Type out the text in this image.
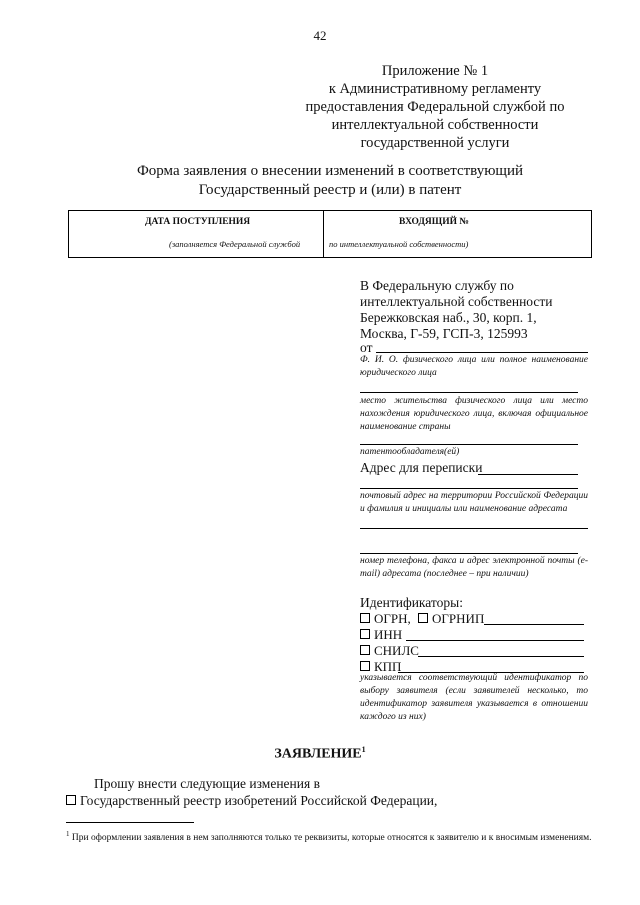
42
Приложение № 1
к Административному регламенту
предоставления Федеральной службой по
интеллектуальной собственности
государственной услуги
Форма заявления о внесении изменений в соответствующий
Государственный реестр и (или) в патент
ДАТА ПОСТУПЛЕНИЯ	ВХОДЯЩИЙ №
(заполняется Федеральной службой	по интеллектуальной собственности)
В Федеральную службу по
интеллектуальной собственности
Бережковская наб., 30, корп. 1,
Москва, Г-59, ГСП-3, 125993
от
Ф. И. О. физического лица или полное наименование юридического лица
место жительства физического лица или место нахождения юридического лица, включая официальное наименование страны
патентообладателя(ей)
Адрес для переписки
почтовый адрес на территории Российской Федерации и фамилия и инициалы или наименование адресата
номер телефона, факса и адрес электронной почты (e-mail) адресата (последнее – при наличии)
Идентификаторы:
ОГРН, ОГРНИП
ИНН
СНИЛС
КПП
указывается соответствующий идентификатор по выбору заявителя (если заявителей несколько, то идентификатор заявителя указывается в отношении каждого из них)
ЗАЯВЛЕНИЕ$^1$
Прошу внести следующие изменения в
Государственный реестр изобретений Российской Федерации,
$^1$ При оформлении заявления в нем заполняются только те реквизиты, которые относятся к заявителю и к вносимым изменениям.
